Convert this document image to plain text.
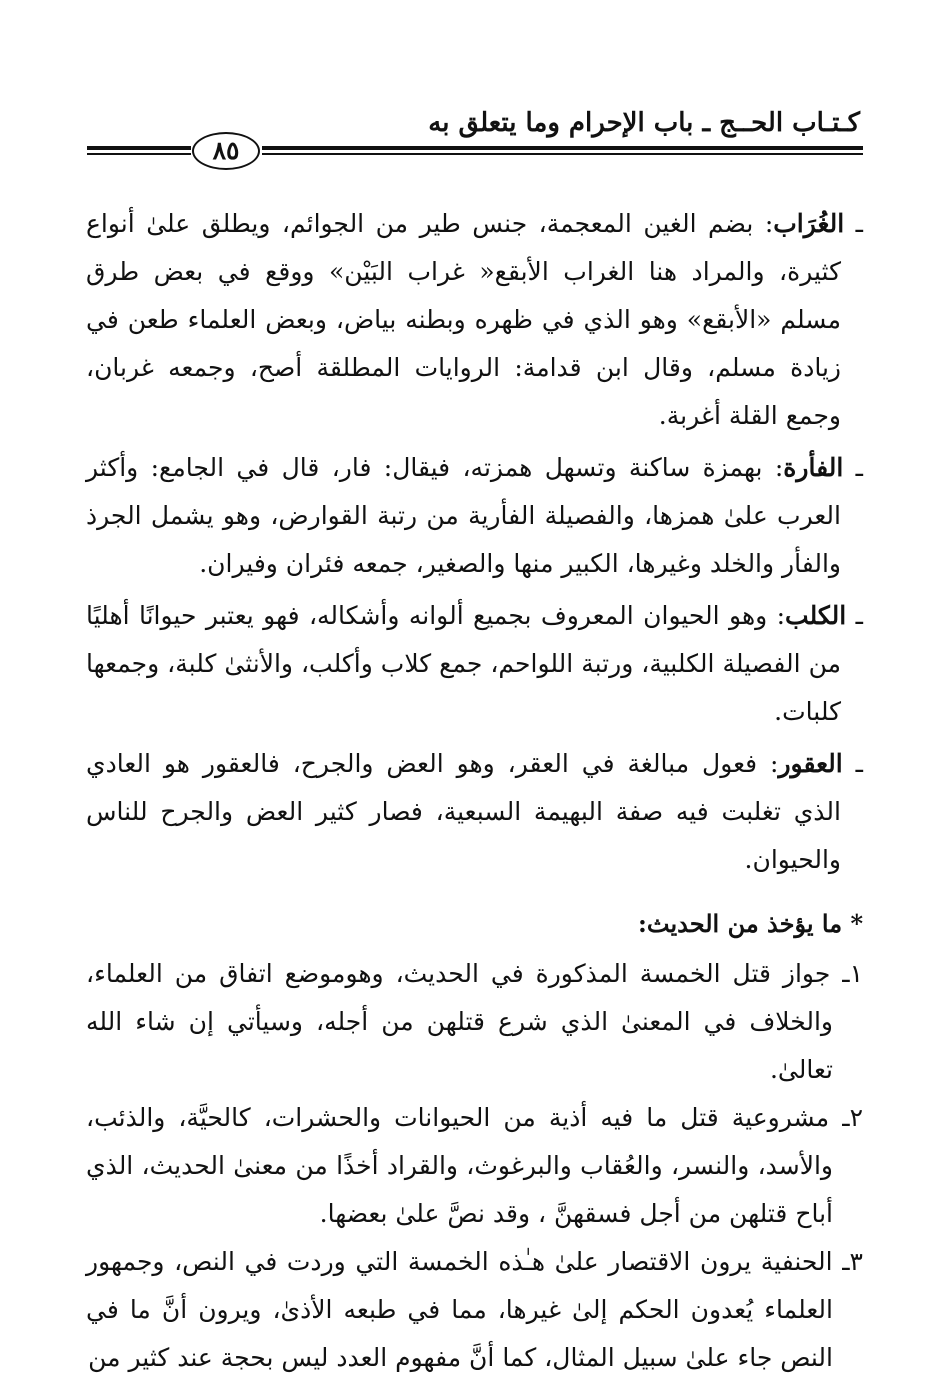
كـتـاب الحــج ـ باب الإحرام وما يتعلق به
٨٥

ـ الغُرَاب: بضم الغين المعجمة، جنس طير من الجوائم، ويطلق علىٰ أنواع كثيرة، والمراد هنا الغراب الأبقع« غراب البَيْن» ووقع في بعض طرق مسلم «الأبقع» وهو الذي في ظهره وبطنه بياض، وبعض العلماء طعن في زيادة مسلم، وقال ابن قدامة: الروايات المطلقة أصح، وجمعه غربان، وجمع القلة أغربة.

ـ الفأرة: بهمزة ساكنة وتسهل همزته، فيقال: فار، قال في الجامع: وأكثر العرب علىٰ همزها، والفصيلة الفأرية من رتبة القوارض، وهو يشمل الجرذ والفأر والخلد وغيرها، الكبير منها والصغير، جمعه فئران وفيران.

ـ الكلب: وهو الحيوان المعروف بجميع ألوانه وأشكاله، فهو يعتبر حيوانًا أهليًا من الفصيلة الكلبية، ورتبة اللواحم، جمع كلاب وأكلب، والأنثىٰ كلبة، وجمعها كلبات.

ـ العقور: فعول مبالغة في العقر، وهو العض والجرح، فالعقور هو العادي الذي تغلبت فيه صفة البهيمة السبعية، فصار كثير العض والجرح للناس والحيوان.

* ما يؤخذ من الحديث:

١ـ جواز قتل الخمسة المذكورة في الحديث، وهوموضع اتفاق من العلماء، والخلاف في المعنىٰ الذي شرع قتلهن من أجله، وسيأتي إن شاء الله تعالىٰ.

٢ـ مشروعية قتل ما فيه أذية من الحيوانات والحشرات، كالحيَّة، والذئب، والأسد، والنسر، والعُقاب والبرغوث، والقراد أخذًا من معنىٰ الحديث، الذي أباح قتلهن من أجل فسقهنَّ ، وقد نصَّ علىٰ بعضها.

٣ـ الحنفية يرون الاقتصار علىٰ هـٰذه الخمسة التي وردت في النص، وجمهور العلماء يُعدون الحكم إلىٰ غيرها، مما في طبعه الأذىٰ، ويرون أنَّ ما في النص جاء علىٰ سبيل المثال، كما أنَّ مفهوم العدد ليس بحجة عند كثير من
